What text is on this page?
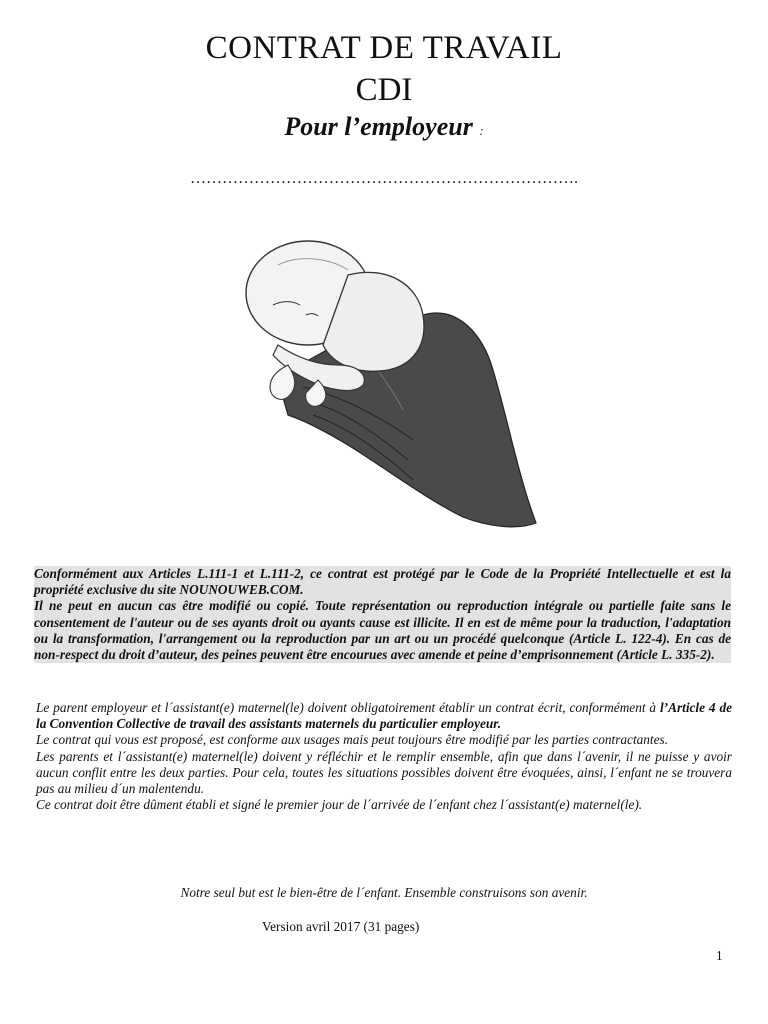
CONTRAT DE TRAVAIL
CDI
Pour l’employeur :
……………………………………………………………….

Conformément aux Articles L.111-1 et L.111-2, ce contrat est protégé par le Code de la Propriété Intellectuelle et est la propriété exclusive du site NOUNOUWEB.COM.

Il ne peut en aucun cas être modifié ou copié. Toute représentation ou reproduction intégrale ou partielle faite sans le consentement de l'auteur ou de ses ayants droit ou ayants cause est illicite. Il en est de même pour la traduction, l'adaptation ou la transformation, l'arrangement ou la reproduction par un art ou un procédé quelconque (Article L. 122-4). En cas de non-respect du droit d’auteur, des peines peuvent être encourues avec amende et peine d’emprisonnement (Article L. 335-2).

Le parent employeur et l´assistant(e) maternel(le) doivent obligatoirement établir un contrat écrit, conformément à l’Article 4 de la Convention Collective de travail des assistants maternels du particulier employeur.

Le contrat qui vous est proposé, est conforme aux usages mais peut toujours être modifié par les parties contractantes.

Les parents et l´assistant(e) maternel(le) doivent y réfléchir et le remplir ensemble, afin que dans l´avenir, il ne puisse y avoir aucun conflit entre les deux parties. Pour cela, toutes les situations possibles doivent être évoquées, ainsi, l´enfant ne se trouvera pas au milieu d´un malentendu.

Ce contrat doit être dûment établi et signé le premier jour de l´arrivée de l´enfant chez l´assistant(e) maternel(le).

Notre seul but est le bien-être de l´enfant. Ensemble construisons son avenir.
Version avril 2017 (31 pages)
1
